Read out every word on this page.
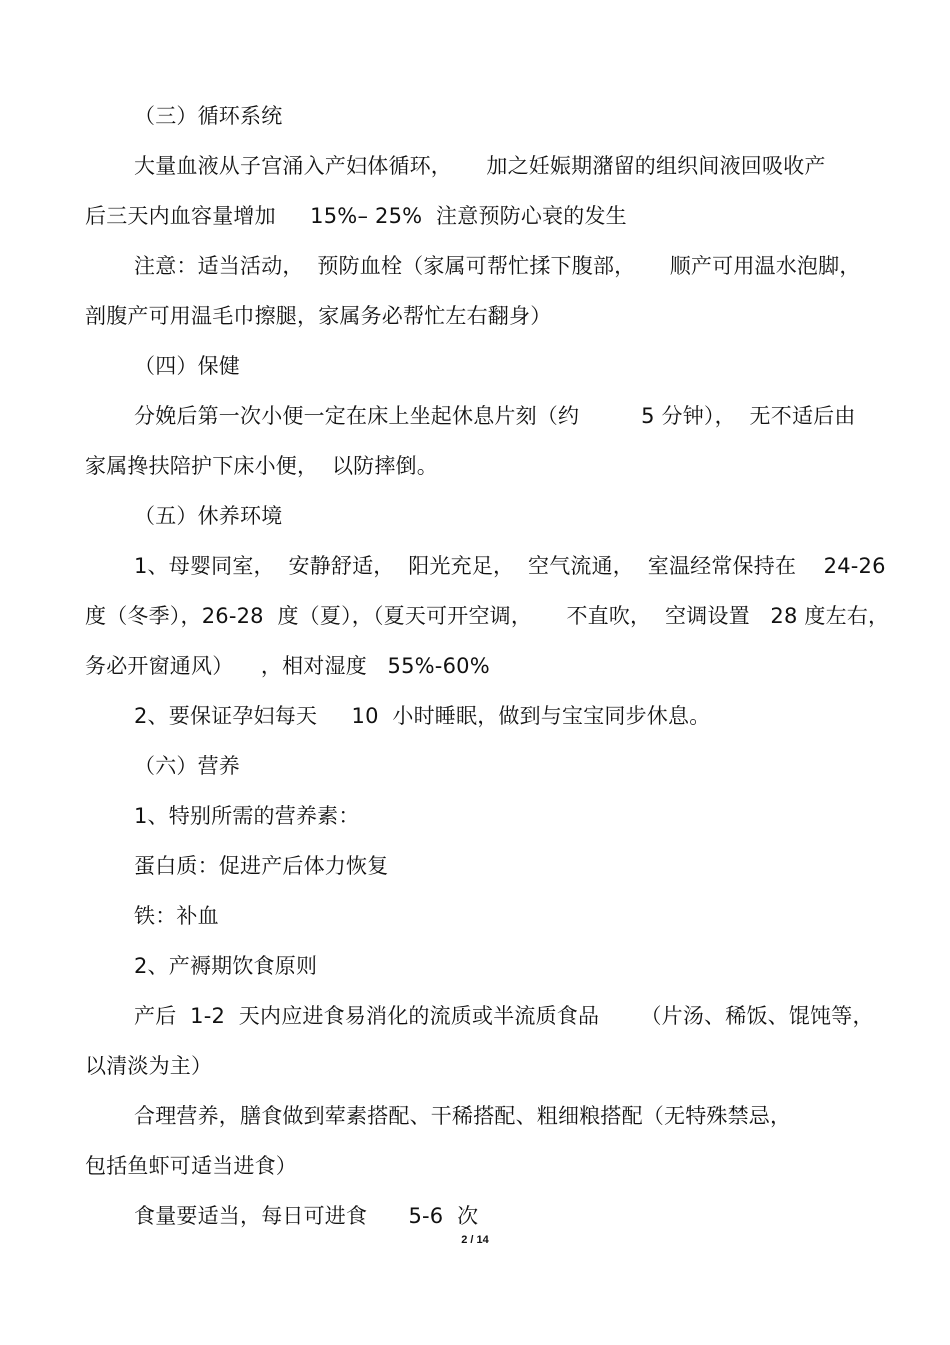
（三）循环系统
大量血液从子宫涌入产妇体循环，     加之妊娠期潴留的组织间液回吸收产
后三天内血容量增加     15%– 25%  注意预防心衰的发生
注意：适当活动，  预防血栓（家属可帮忙揉下腹部，     顺产可用温水泡脚，
剖腹产可用温毛巾擦腿，家属务必帮忙左右翻身）
（四）保健
分娩后第一次小便一定在床上坐起休息片刻（约         5 分钟），  无不适后由
家属搀扶陪护下床小便，  以防摔倒。
（五）休养环境
1、母婴同室，  安静舒适，  阳光充足，  空气流通，  室温经常保持在    24-26
度（冬季），26-28  度（夏），（夏天可开空调，     不直吹，  空调设置   28 度左右，
务必开窗通风）    ，相对湿度   55%-60%
2、要保证孕妇每天     10  小时睡眠，做到与宝宝同步休息。
（六）营养
1、特别所需的营养素：
蛋白质：促进产后体力恢复
铁：补血
2、产褥期饮食原则
产后  1-2  天内应进食易消化的流质或半流质食品      （片汤、稀饭、馄饨等，
以清淡为主）
合理营养，膳食做到荤素搭配、干稀搭配、粗细粮搭配（无特殊禁忌，
包括鱼虾可适当进食）
食量要适当，每日可进食      5-6  次
2 / 14
